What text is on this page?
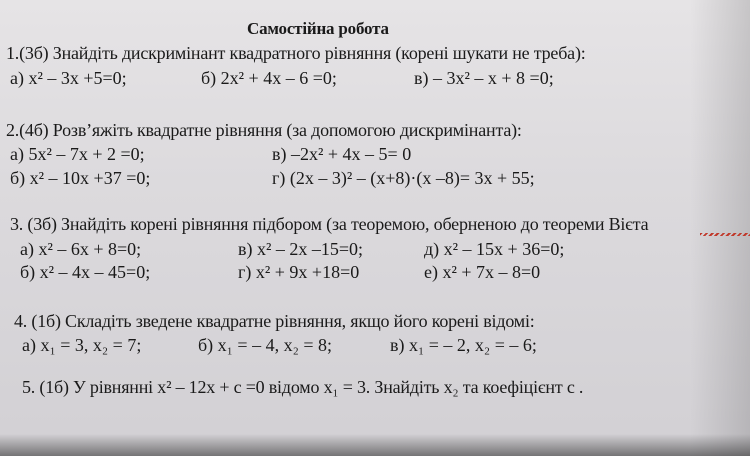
Самостійна робота
1.(3б) Знайдіть дискримінант квадратного рівняння (корені шукати не треба):
а) x² – 3x +5=0;	б) 2x² + 4x – 6 =0;	в) – 3x² – x + 8 =0;
2.(4б) Розв’яжіть квадратне рівняння (за допомогою дискримінанта):
а) 5x² – 7x + 2 =0;	в) –2x² + 4x – 5= 0
б) x² – 10x +37 =0;	г) (2x – 3)² – (x+8)·(x –8)= 3x + 55;
3. (3б) Знайдіть корені рівняння підбором (за теоремою, оберненою до теореми Вієта
а) x² – 6x + 8=0;	в) x² – 2x –15=0;	д) x² – 15x + 36=0;
б) x² – 4x – 45=0;	г) x² + 9x +18=0	е) x² + 7x – 8=0
4. (1б) Складіть зведене квадратне рівняння, якщо його корені відомі:
а) x₁ = 3, x₂ = 7;	б) x₁ = – 4, x₂ = 8;	в) x₁ = – 2, x₂ = – 6;
5. (1б) У рівнянні x² – 12x + c =0 відомо x₁ = 3. Знайдіть x₂ та коефіцієнт c .
